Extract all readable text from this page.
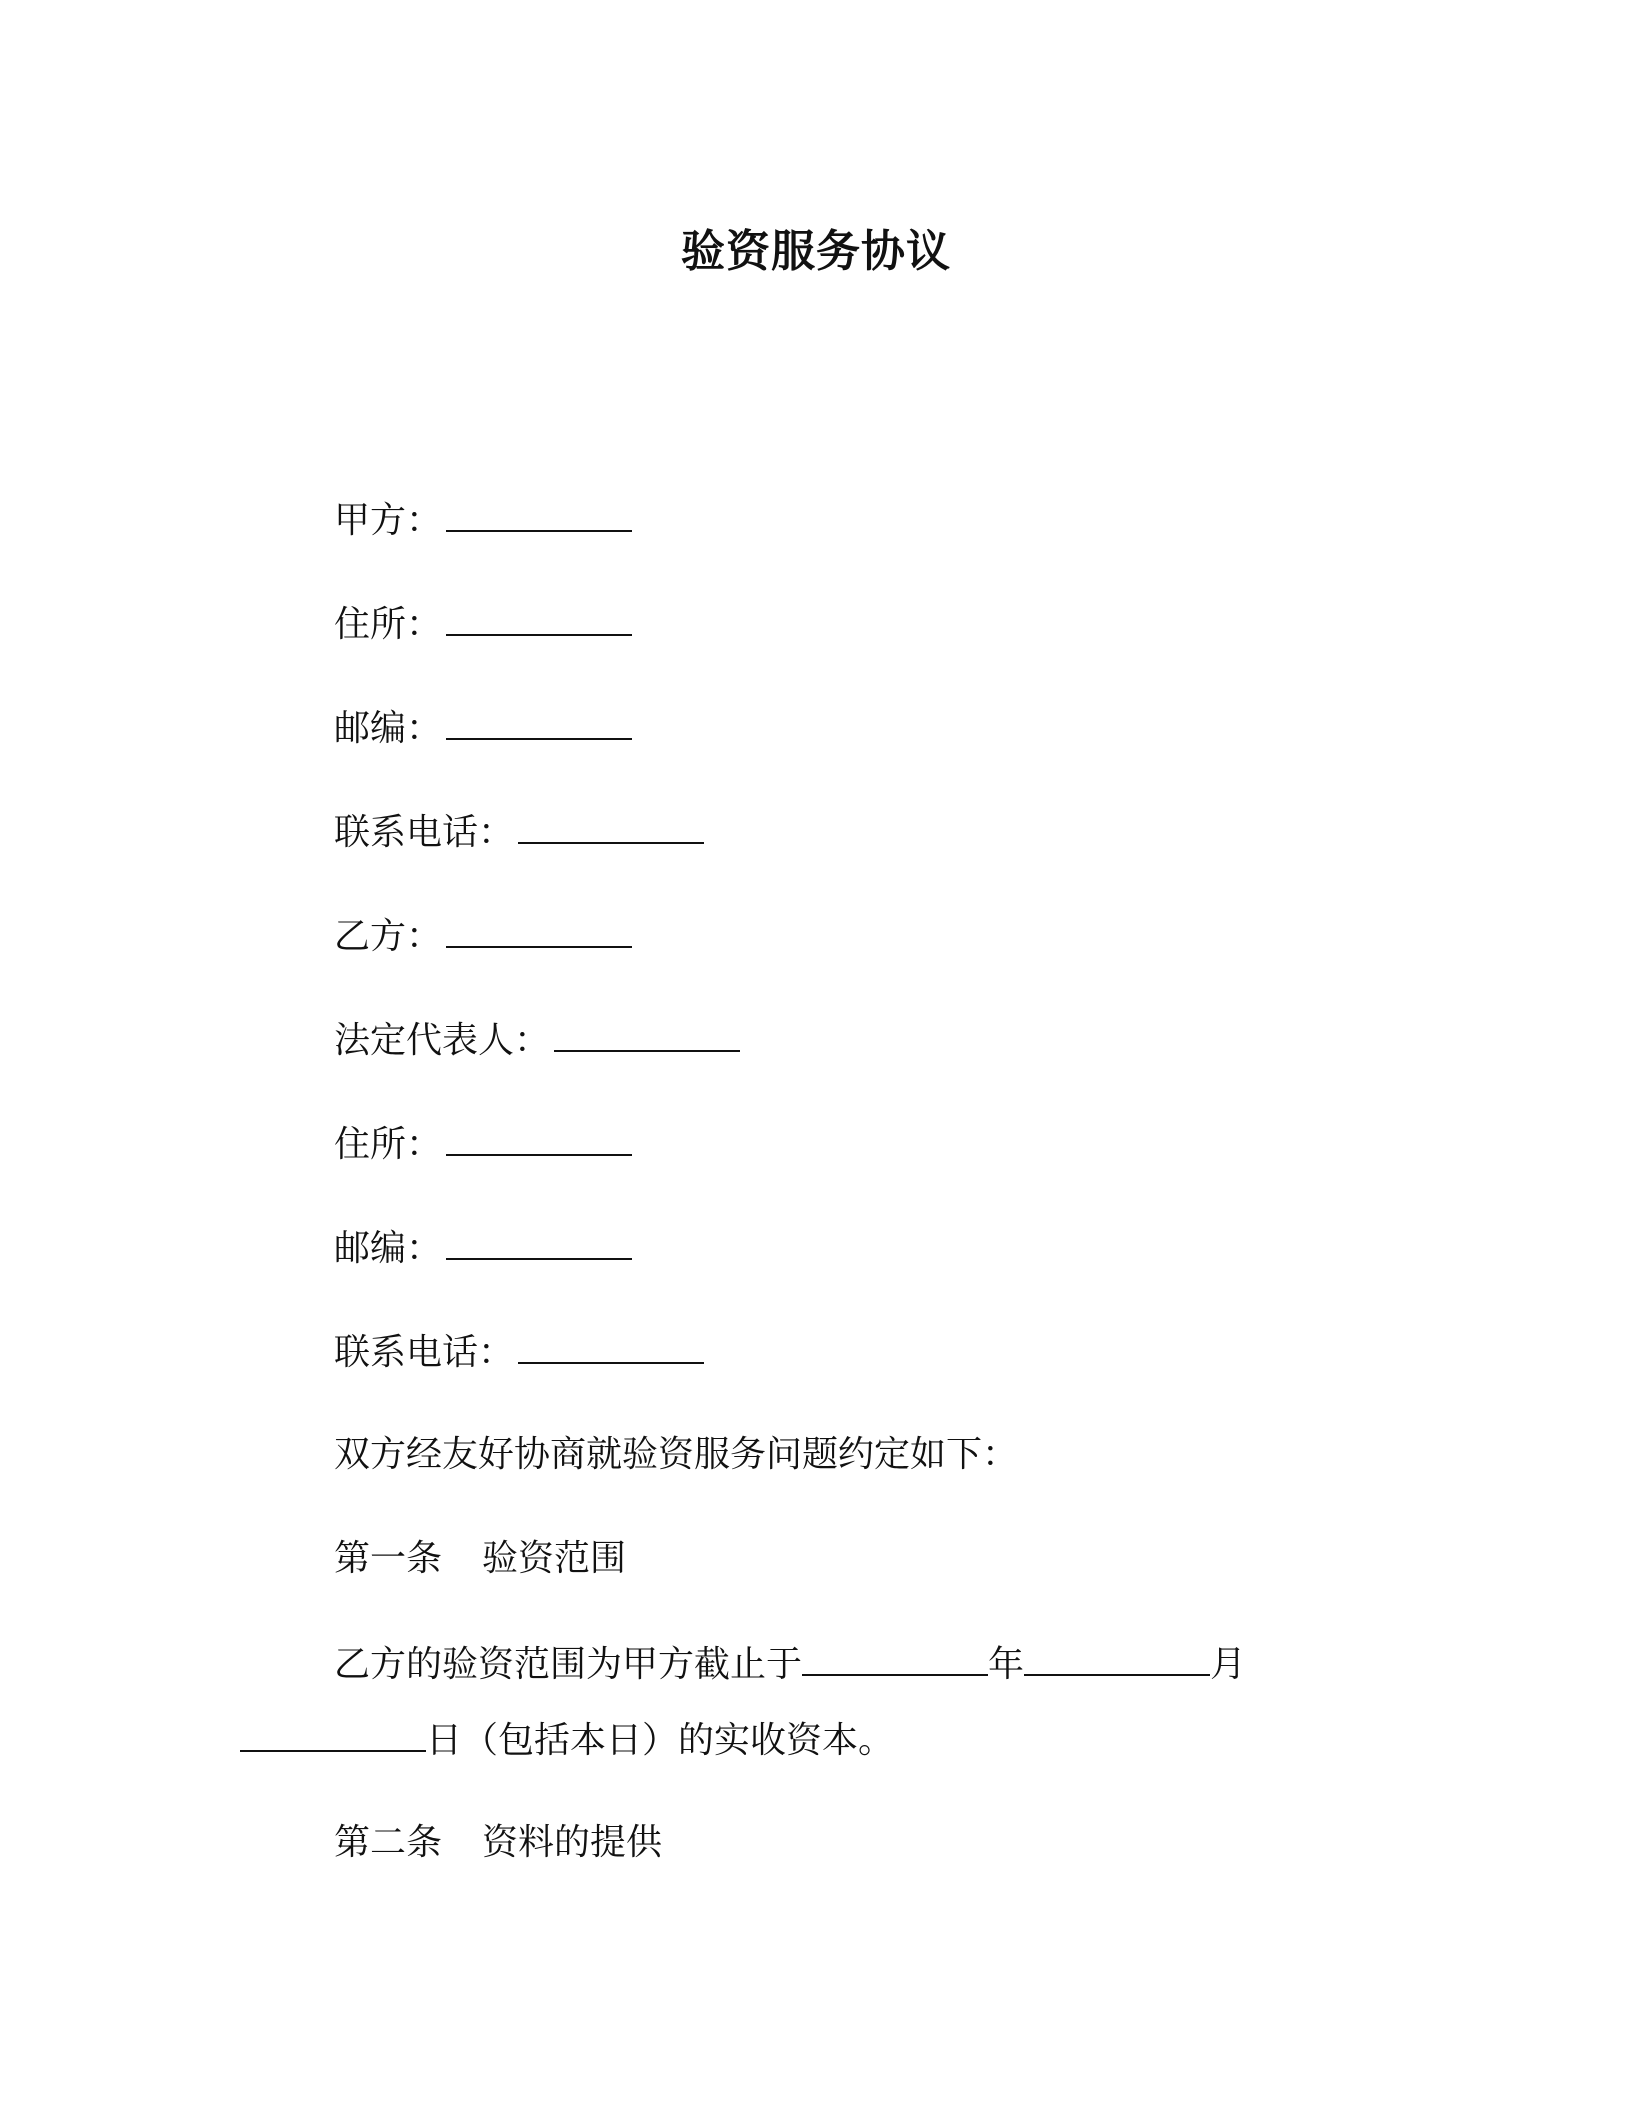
验资服务协议
甲方：
住所：
邮编：
联系电话：
乙方：
法定代表人：
住所：
邮编：
联系电话：
双方经友好协商就验资服务问题约定如下：
第一条 验资范围
乙方的验资范围为甲方截止于	年	月
日（包括本日）的实收资本。
第二条 资料的提供
